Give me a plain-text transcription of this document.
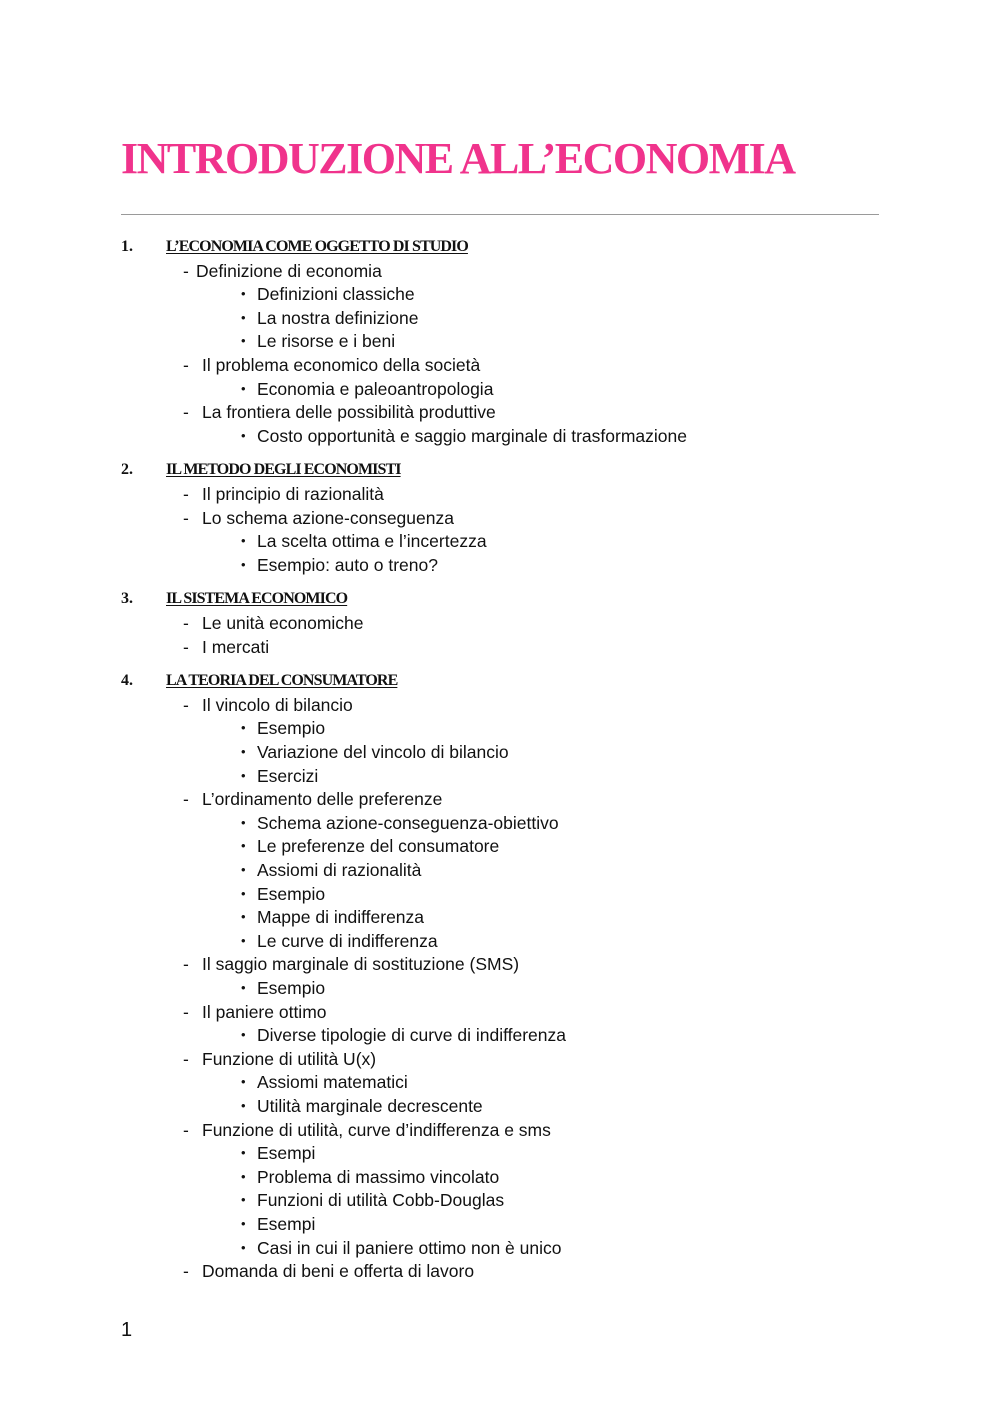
INTRODUZIONE ALL’ECONOMIA
1. L’ECONOMIA COME OGGETTO DI STUDIO
- Definizione di economia
• Definizioni classiche
• La nostra definizione
• Le risorse e i beni
- Il problema economico della società
• Economia e paleoantropologia
- La frontiera delle possibilità produttive
• Costo opportunità e saggio marginale di trasformazione
2. IL METODO DEGLI ECONOMISTI
- Il principio di razionalità
- Lo schema azione-conseguenza
• La scelta ottima e l’incertezza
• Esempio: auto o treno?
3. IL SISTEMA ECONOMICO
- Le unità economiche
- I mercati
4. LA TEORIA DEL CONSUMATORE
- Il vincolo di bilancio
• Esempio
• Variazione del vincolo di bilancio
• Esercizi
- L’ordinamento delle preferenze
• Schema azione-conseguenza-obiettivo
• Le preferenze del consumatore
• Assiomi di razionalità
• Esempio
• Mappe di indifferenza
• Le curve di indifferenza
- Il saggio marginale di sostituzione (SMS)
• Esempio
- Il paniere ottimo
• Diverse tipologie di curve di indifferenza
- Funzione di utilità U(x)
• Assiomi matematici
• Utilità marginale decrescente
- Funzione di utilità, curve d’indifferenza e sms
• Esempi
• Problema di massimo vincolato
• Funzioni di utilità Cobb-Douglas
• Esempi
• Casi in cui il paniere ottimo non è unico
- Domanda di beni e offerta di lavoro
1
